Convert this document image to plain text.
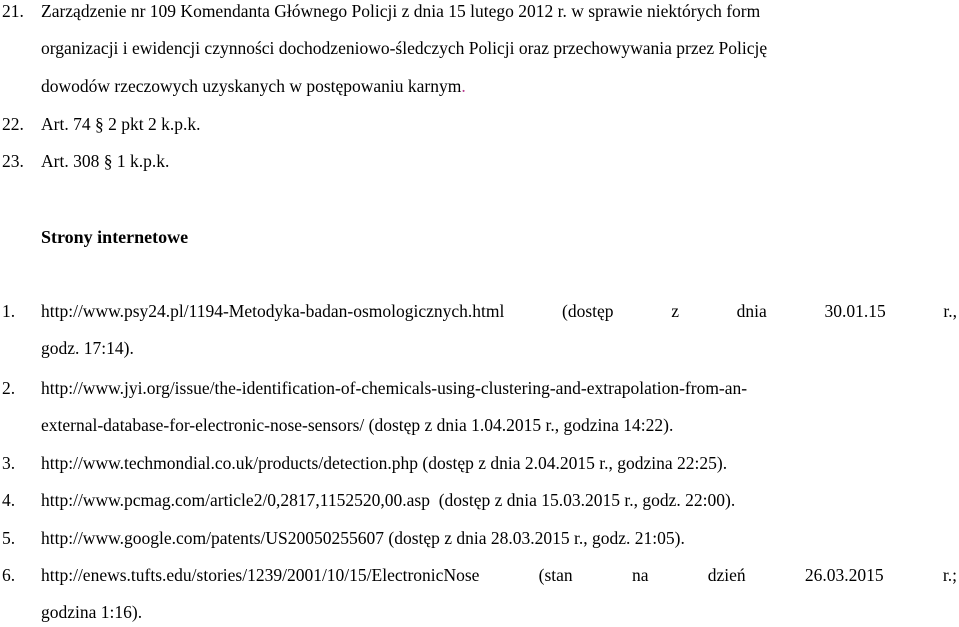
21. Zarządzenie nr 109 Komendanta Głównego Policji z dnia 15 lutego 2012 r. w sprawie niektórych form
organizacji i ewidencji czynności dochodzeniowo-śledczych Policji oraz przechowywania przez Policję
dowodów rzeczowych uzyskanych w postępowaniu karnym.
22. Art. 74 § 2 pkt 2 k.p.k.
23. Art. 308 § 1 k.p.k.
Strony internetowe
1. http://www.psy24.pl/1194-Metodyka-badan-osmologicznych.html	(dostęp	z	dnia	30.01.15	r.,
godz. 17:14).
2. http://www.jyi.org/issue/the-identification-of-chemicals-using-clustering-and-extrapolation-from-an-
external-database-for-electronic-nose-sensors/ (dostęp z dnia 1.04.2015 r., godzina 14:22).
3. http://www.techmondial.co.uk/products/detection.php (dostęp z dnia 2.04.2015 r., godzina 22:25).
4. http://www.pcmag.com/article2/0,2817,1152520,00.asp  (dostęp z dnia 15.03.2015 r., godz. 22:00).
5. http://www.google.com/patents/US20050255607 (dostęp z dnia 28.03.2015 r., godz. 21:05).
6. http://enews.tufts.edu/stories/1239/2001/10/15/ElectronicNose	(stan	na	dzień	26.03.2015	r.;
godzina 1:16).
